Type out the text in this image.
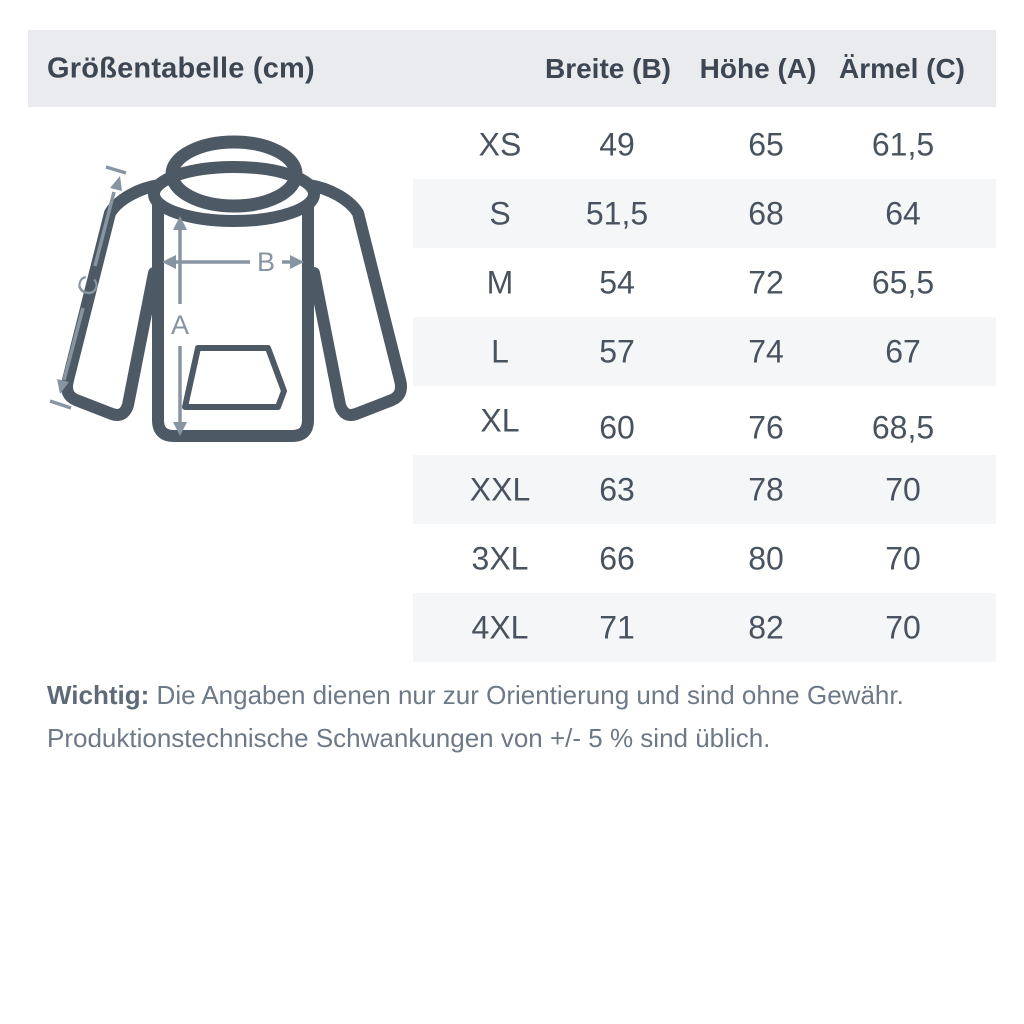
Größentabelle (cm)	Breite (B) Höhe (A) Ärmel (C)
A
B
C
XS 49	65	61,5
S 51,5	68	64
M	54	72	65,5
L	57	74	67
XL 60	76	68,5
XXL 63	78	70
3XL 66	80	70
4XL 71	82	70
Wichtig: Die Angaben dienen nur zur Orientierung und sind ohne Gewähr.
Produktionstechnische Schwankungen von +/- 5 % sind üblich.
